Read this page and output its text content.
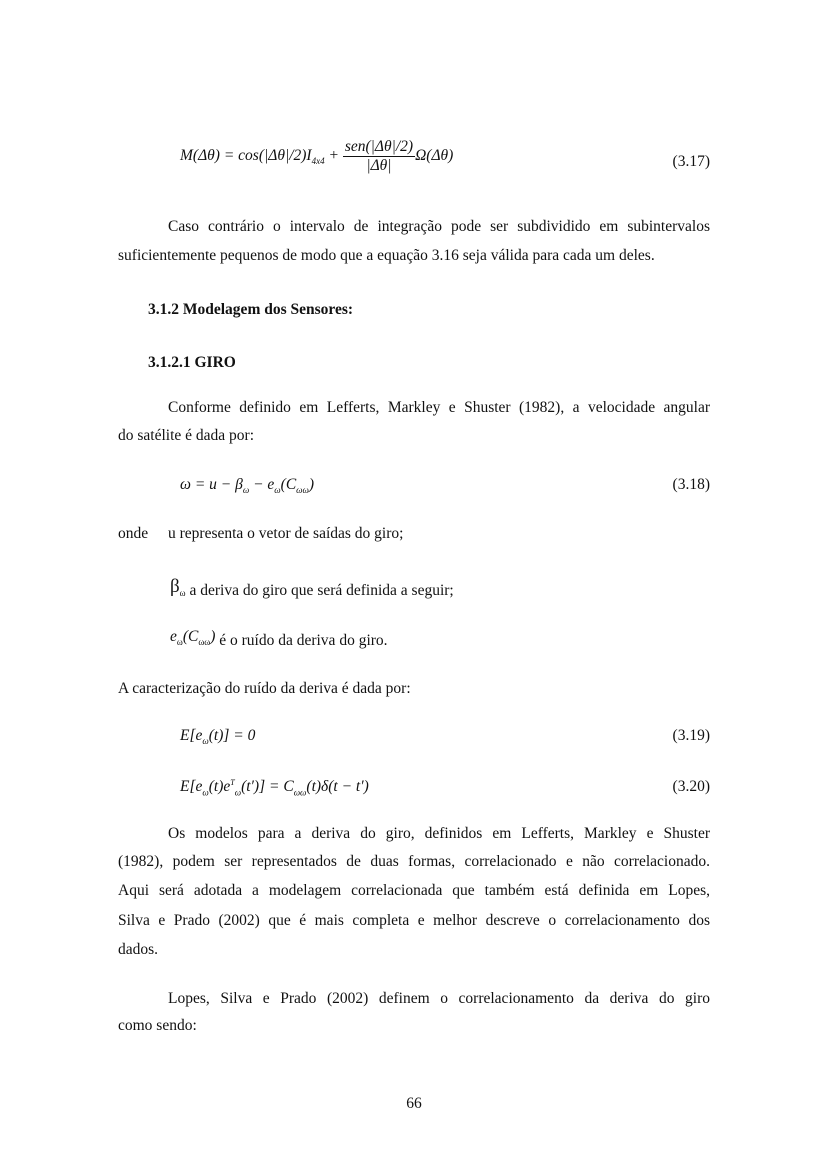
$M(\Delta\theta) = \cos(|\Delta\theta|/2)I_{4x4} + \frac{\text{sen(|Δθ|/2)}}{|\Delta\theta|} \Omega(\Delta\theta)$	(3.17)
Caso contrário o intervalo de integração pode ser subdividido em subintervalos
suficientemente pequenos de modo que a equação 3.16 seja válida para cada um deles.
3.1.2 Modelagem dos Sensores:
3.1.2.1 GIRO
Conforme definido em Lefferts, Markley e Shuster (1982), a velocidade angular
do satélite é dada por:
$\omega = u - \beta_\omega - e_\omega(C_{\omega\omega})$	(3.18)
onde u representa o vetor de saídas do giro;
$\beta_\omega$ a deriva do giro que será definida a seguir;
$e_\omega(C_{\omega\omega})$ é o ruído da deriva do giro.
A caracterização do ruído da deriva é dada por:
$E[e_\omega(t)] = 0$	(3.19)
$E[e_\omega(t)e^T_\omega(t')] = C_{\omega\omega}(t)\delta(t - t')$	(3.20)
Os modelos para a deriva do giro, definidos em Lefferts, Markley e Shuster
(1982), podem ser representados de duas formas, correlacionado e não correlacionado.
Aqui será adotada a modelagem correlacionada que também está definida em Lopes,
Silva e Prado (2002) que é mais completa e melhor descreve o correlacionamento dos
dados.
Lopes, Silva e Prado (2002) definem o correlacionamento da deriva do giro
como sendo:
66
